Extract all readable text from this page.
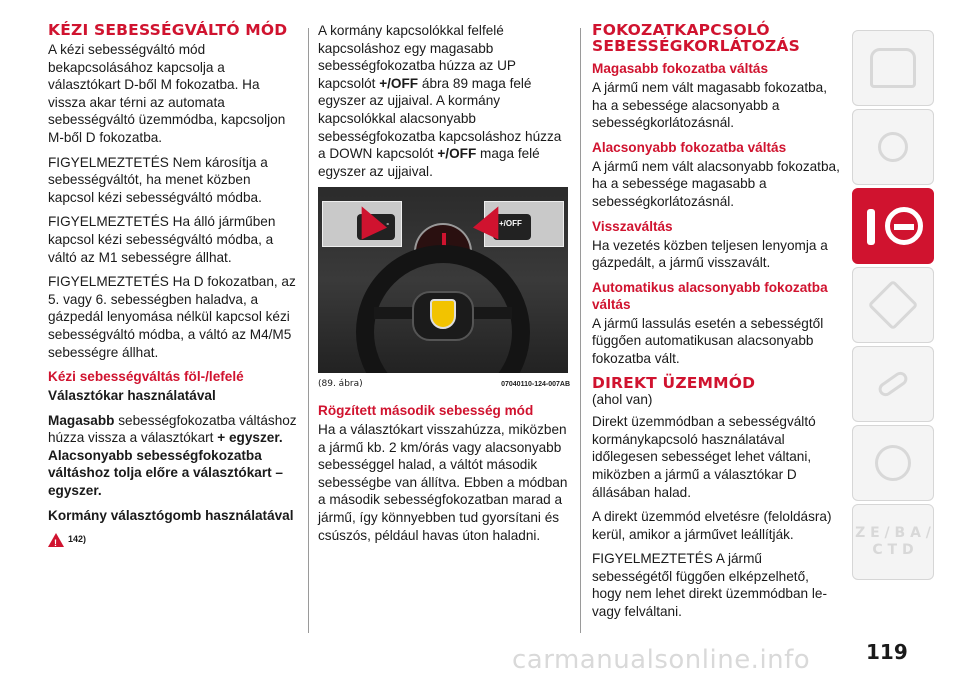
KÉZI SEBESSÉGVÁLTÓ MÓD

A kézi sebességváltó mód bekapcsolásához kapcsolja a választókart D-ből M fokozatba. Ha vissza akar térni az automata sebességváltó üzemmódba, kapcsoljon M-ből D fokozatba.

FIGYELMEZTETÉS Nem károsítja a sebességváltót, ha menet közben kapcsol kézi sebességváltó módba.

FIGYELMEZTETÉS Ha álló járműben kapcsol kézi sebességváltó módba, a váltó az M1 sebességre állhat.

FIGYELMEZTETÉS Ha D fokozatban, az 5. vagy 6. sebességben haladva, a gázpedál lenyomása nélkül kapcsol kézi sebességváltó módba, a váltó az M4/M5 sebességre állhat.

Kézi sebességváltás föl-/lefelé
Választókar használatával

Magasabb sebességfokozatba váltáshoz húzza vissza a választókart + egyszer. Alacsonyabb sebességfokozatba váltáshoz tolja előre a választókart – egyszer.

Kormány választógomb használatával
!
142)

A kormány kapcsolókkal felfelé kapcsoláshoz egy magasabb sebességfokozatba húzza az UP kapcsolót +/OFF ábra 89 maga felé egyszer az ujjaival. A kormány kapcsolókkal alacsonyabb sebességfokozatba kapcsoláshoz húzza a DOWN kapcsolót +/OFF maga felé egyszer az ujjaival.

-	+/OFF
(89. ábra)	07040110-124-007AB
Rögzített második sebesség mód

Ha a választókart visszahúzza, miközben a jármű kb. 2 km/órás vagy alacsonyabb sebességgel halad, a váltót második sebességbe van állítva. Ebben a módban a második sebességfokozatban marad a jármű, így könnyebben tud gyorsítani és csúszós, például havas úton haladni.

FOKOZATKAPCSOLÓ SEBESSÉGKORLÁTOZÁS
Magasabb fokozatba váltás

A jármű nem vált magasabb fokozatba, ha a sebessége alacsonyabb a sebességkorlátozásnál.

Alacsonyabb fokozatba váltás

A jármű nem vált alacsonyabb fokozatba, ha a sebessége magasabb a sebességkorlátozásnál.

Visszaváltás

Ha vezetés közben teljesen lenyomja a gázpedált, a jármű visszavált.

Automatikus alacsonyabb fokozatba váltás

A jármű lassulás esetén a sebességtől függően automatikusan alacsonyabb fokozatba vált.

DIREKT ÜZEMMÓD

(ahol van)

Direkt üzemmódban a sebességváltó kormánykapcsoló használatával időlegesen sebességet lehet váltani, miközben a jármű a választókar D állásában halad.

A direkt üzemmód elvetésre (feloldásra) kerül, amikor a járművet leállítják.

FIGYELMEZTETÉS A jármű sebességétől függően elképzelhető, hogy nem lehet direkt üzemmódban le-vagy felváltani.

Z E / B A / C T D
119
carmanualsonline.info
